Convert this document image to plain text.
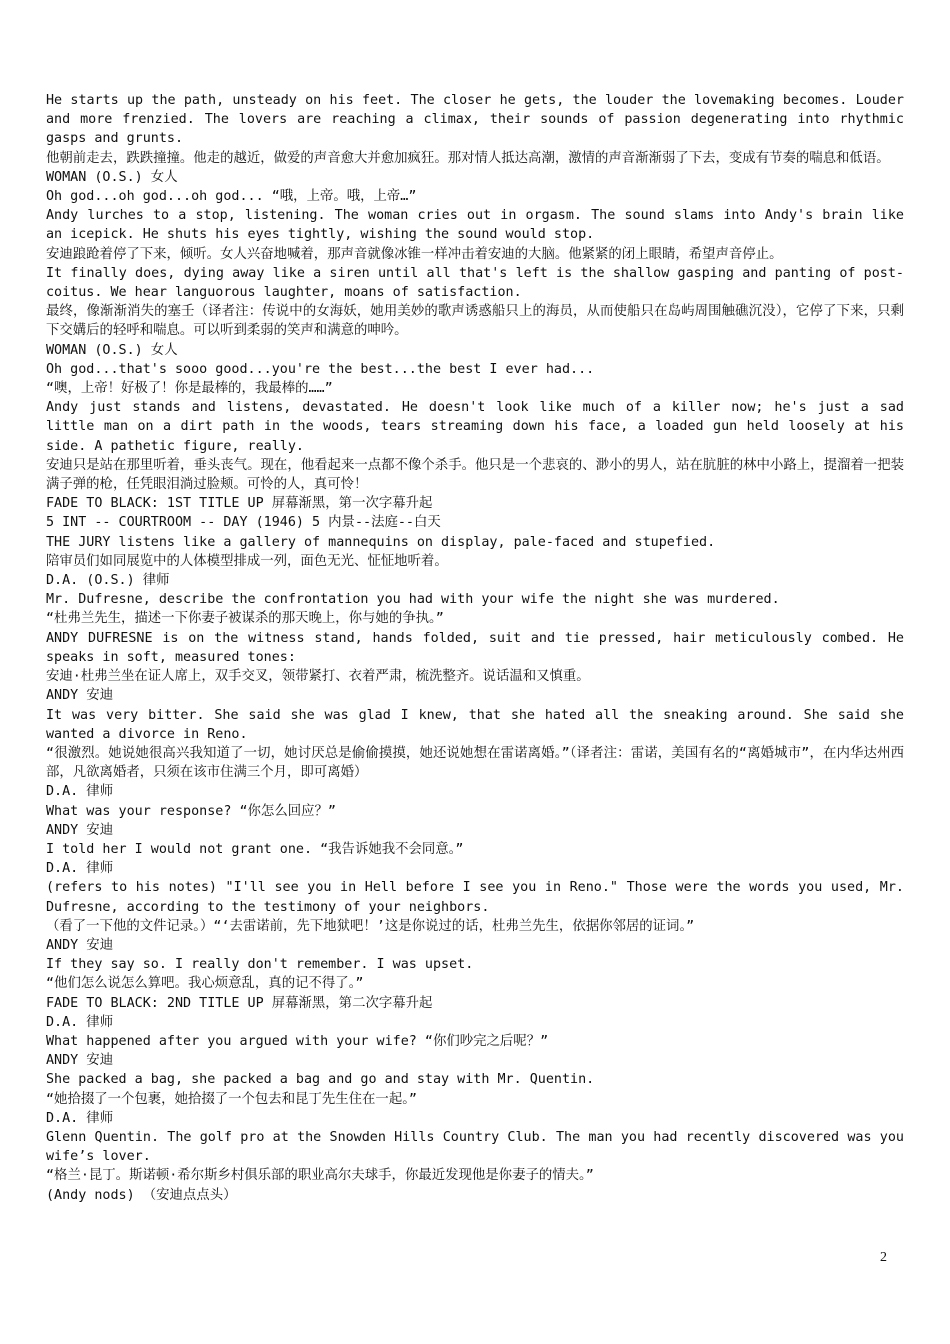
He starts up the path, unsteady on his feet. The closer he gets, the louder the lovemaking becomes. Louder and more frenzied. The lovers are reaching a climax, their sounds of passion degenerating into rhythmic gasps and grunts.

他朝前走去，跌跌撞撞。他走的越近，做爱的声音愈大并愈加疯狂。那对情人抵达高潮，激情的声音渐渐弱了下去，变成有节奏的喘息和低语。

WOMAN (O.S.) 女人

Oh god...oh god...oh god... “哦，上帝。哦，上帝…”

Andy lurches to a stop, listening. The woman cries out in orgasm. The sound slams into Andy's brain like an icepick. He shuts his eyes tightly, wishing the sound would stop.

安迪踉跄着停了下来，倾听。女人兴奋地喊着，那声音就像冰锥一样冲击着安迪的大脑。他紧紧的闭上眼睛，希望声音停止。

It finally does, dying away like a siren until all that's left is the shallow gasping and panting of post-coitus. We hear languorous laughter, moans of satisfaction.

最终，像渐渐消失的塞壬（译者注：传说中的女海妖，她用美妙的歌声诱惑船只上的海员，从而使船只在岛屿周围触礁沉没），它停了下来，只剩下交媾后的轻呼和喘息。可以听到柔弱的笑声和满意的呻吟。

WOMAN (O.S.) 女人

Oh god...that's sooo good...you're the best...the best I ever had...

“噢，上帝！好极了！你是最棒的，我最棒的……”

Andy just stands and listens, devastated. He doesn't look like much of a killer now; he's just a sad little man on a dirt path in the woods, tears streaming down his face, a loaded gun held loosely at his side. A pathetic figure, really.

安迪只是站在那里听着，垂头丧气。现在，他看起来一点都不像个杀手。他只是一个悲哀的、渺小的男人，站在肮脏的林中小路上，提溜着一把装满子弹的枪，任凭眼泪淌过脸颊。可怜的人，真可怜！

FADE TO BLACK: 1ST TITLE UP 屏幕渐黑，第一次字幕升起

5 INT -- COURTROOM -- DAY (1946) 5 内景--法庭--白天

THE JURY listens like a gallery of mannequins on display, pale-faced and stupefied.

陪审员们如同展览中的人体模型排成一列，面色无光、怔怔地听着。

D.A. (O.S.) 律师

Mr. Dufresne, describe the confrontation you had with your wife the night she was murdered.

“杜弗兰先生，描述一下你妻子被谋杀的那天晚上，你与她的争执。”

ANDY DUFRESNE is on the witness stand, hands folded, suit and tie pressed, hair meticulously combed. He speaks in soft, measured tones:

安迪·杜弗兰坐在证人席上，双手交叉，领带紧打、衣着严肃，梳洗整齐。说话温和又慎重。

ANDY 安迪

It was very bitter. She said she was glad I knew, that she hated all the sneaking around. She said she wanted a divorce in Reno.

“很激烈。她说她很高兴我知道了一切，她讨厌总是偷偷摸摸，她还说她想在雷诺离婚。”（译者注：雷诺，美国有名的“离婚城市”，在内华达州西部，凡欲离婚者，只须在该市住满三个月，即可离婚）

D.A. 律师

What was your response? “你怎么回应？”

ANDY 安迪

I told her I would not grant one. “我告诉她我不会同意。”

D.A. 律师

(refers to his notes) "I'll see you in Hell before I see you in Reno." Those were the words you used, Mr. Dufresne, according to the testimony of your neighbors.

（看了一下他的文件记录。）“‘去雷诺前，先下地狱吧！’这是你说过的话，杜弗兰先生，依据你邻居的证词。”

ANDY 安迪

If they say so. I really don't remember. I was upset.

“他们怎么说怎么算吧。我心烦意乱，真的记不得了。”

FADE TO BLACK: 2ND TITLE UP 屏幕渐黑，第二次字幕升起

D.A. 律师

What happened after you argued with your wife? “你们吵完之后呢？”

ANDY 安迪

She packed a bag, she packed a bag and go and stay with Mr. Quentin.

“她拾掇了一个包裹，她拾掇了一个包去和昆丁先生住在一起。”

D.A. 律师

Glenn Quentin. The golf pro at the Snowden Hills Country Club. The man you had recently discovered was you wife’s lover.

“格兰·昆丁。斯诺顿·希尔斯乡村俱乐部的职业高尔夫球手，你最近发现他是你妻子的情夫。”

(Andy nods) （安迪点点头）

2
